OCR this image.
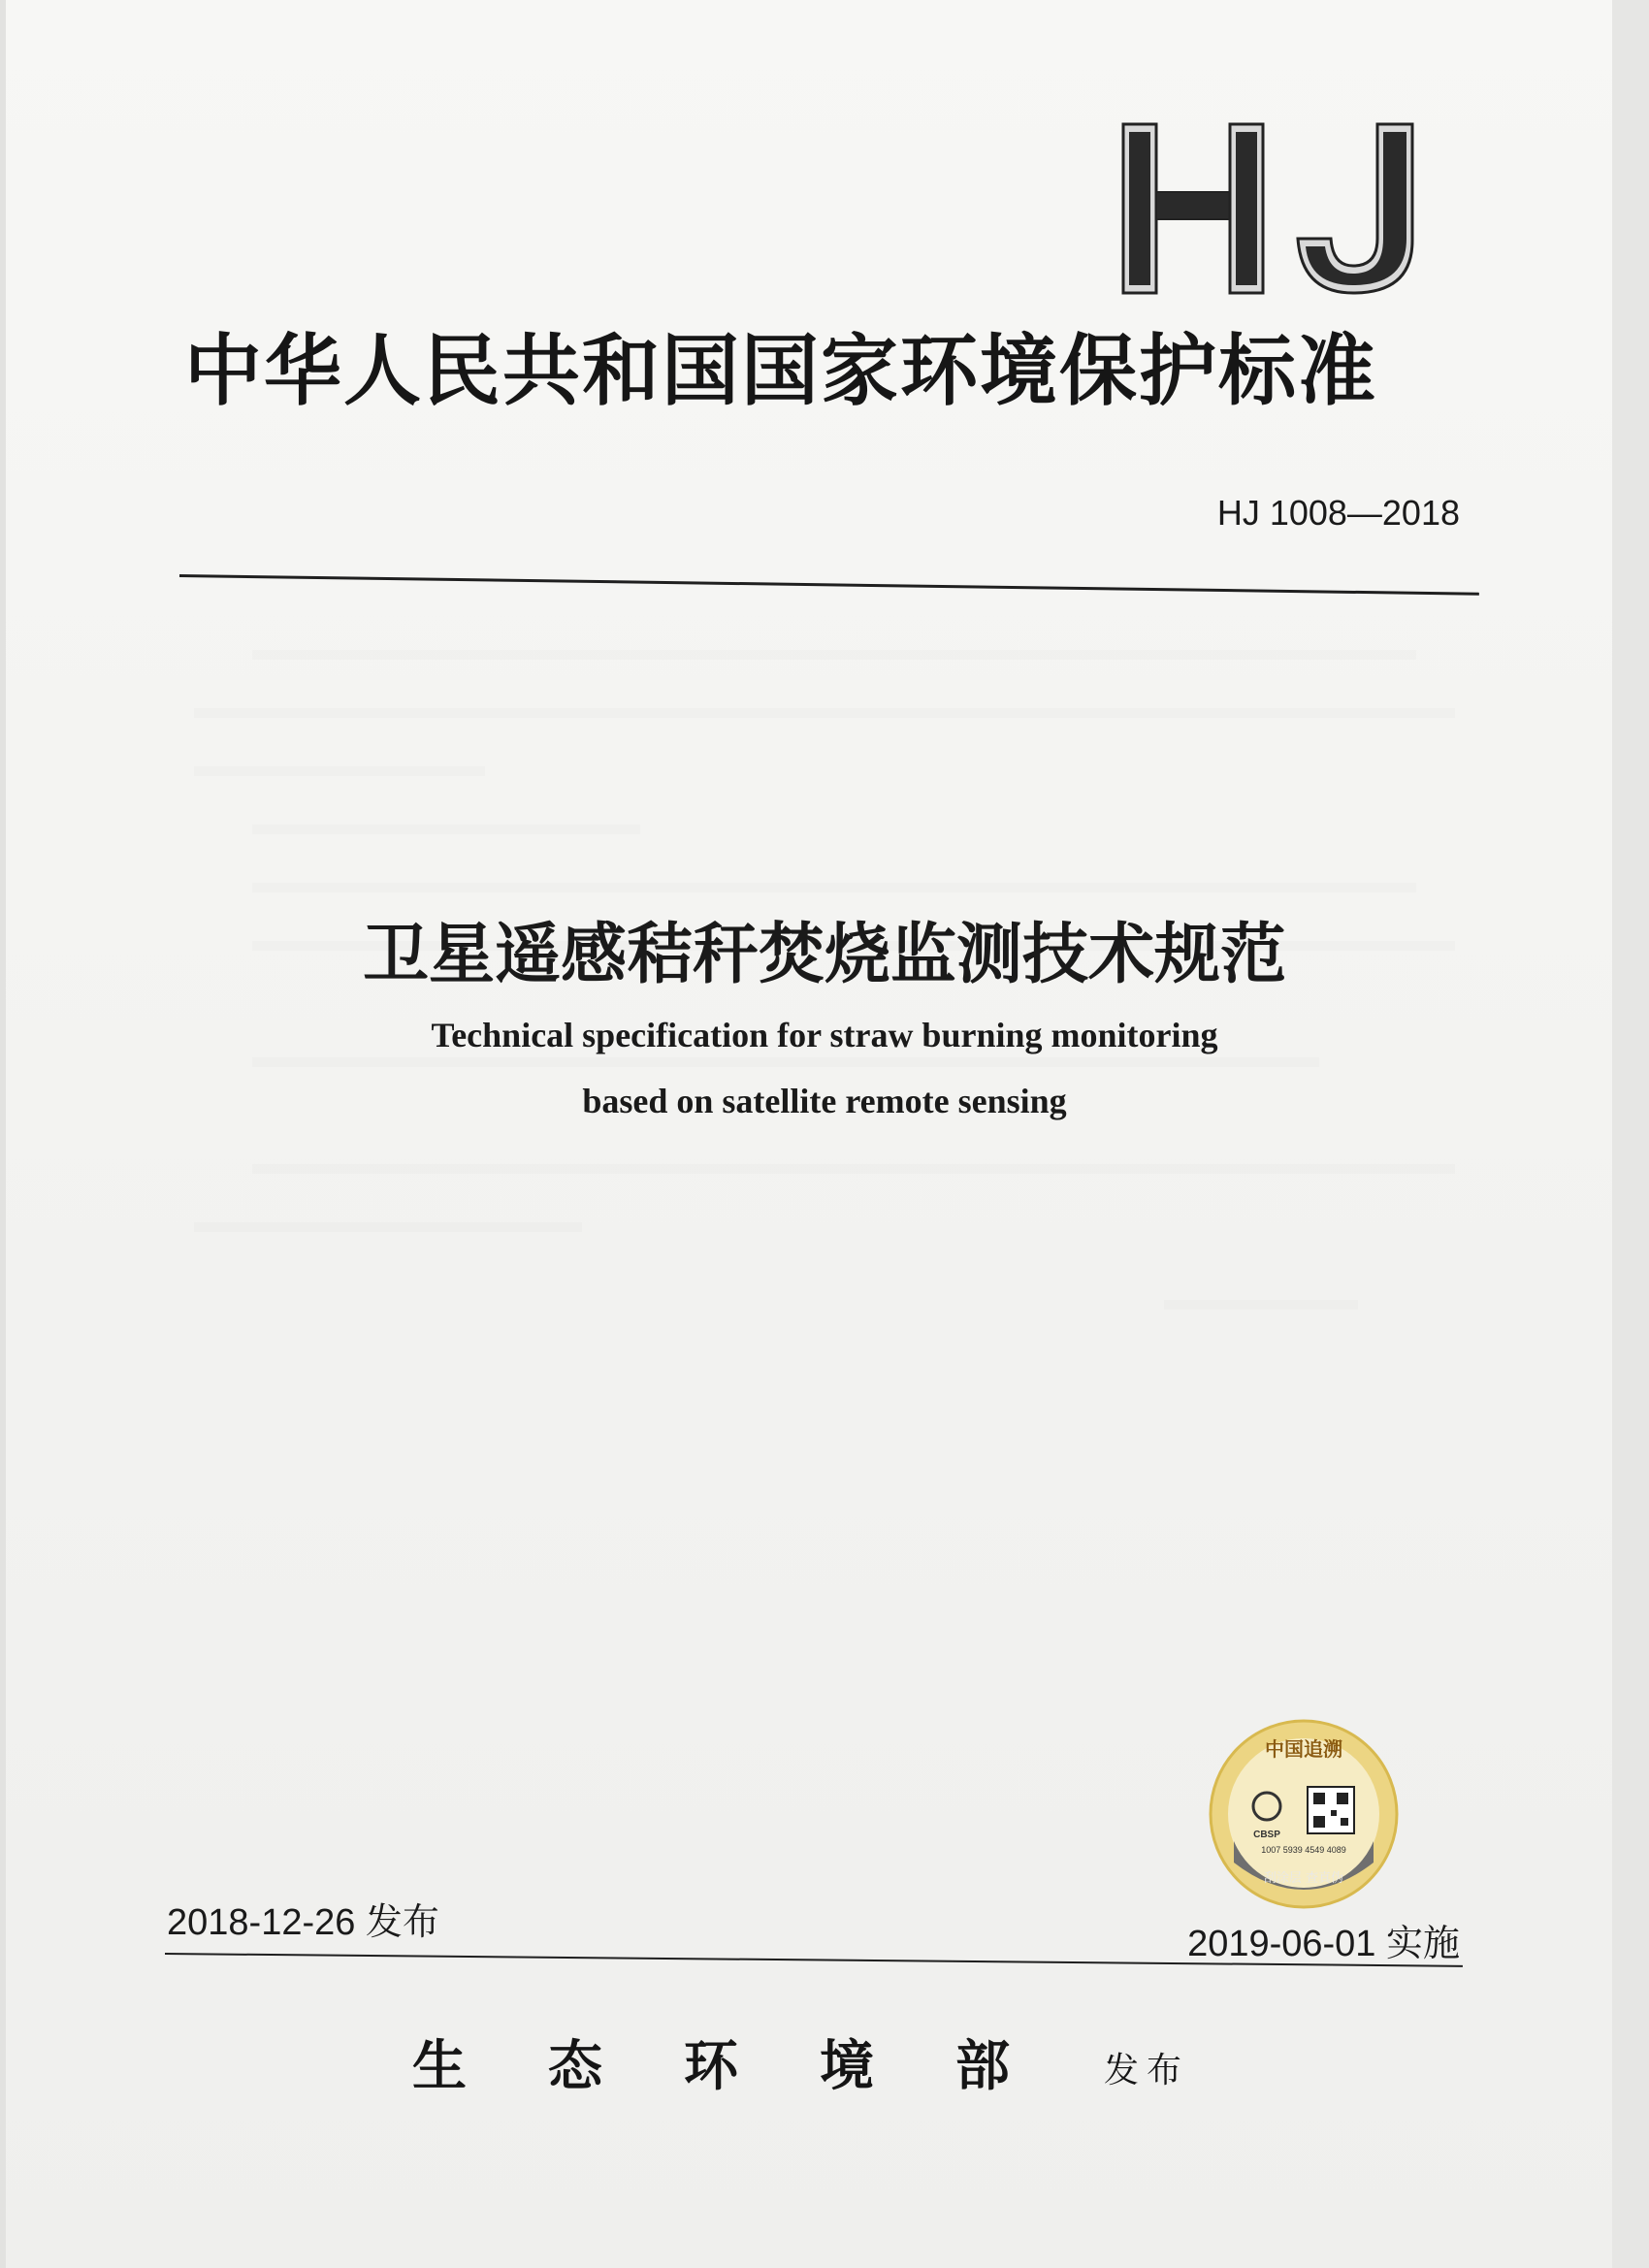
中华人民共和国国家环境保护标准
HJ 1008—2018
卫星遥感秸秆焚烧监测技术规范
Technical specification for straw burning monitoring
based on satellite remote sensing
中国追溯
CBSP
1007 5939 4549 4089
刮涂层 查真伪
2018-12-26 发布
2019-06-01 实施
生态环境部 发布
